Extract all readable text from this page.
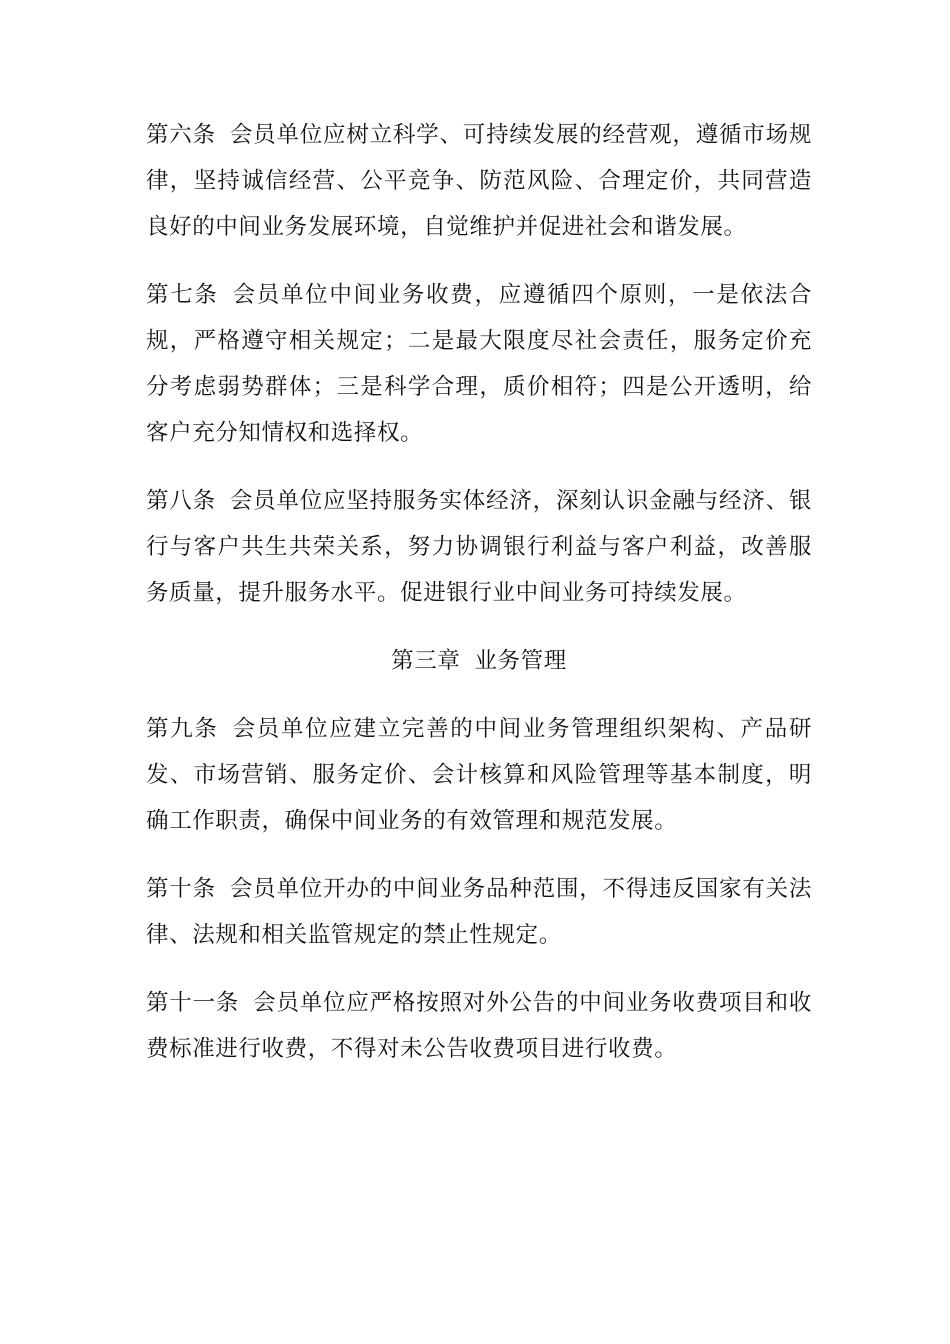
第六条 会员单位应树立科学、可持续发展的经营观，遵循市场规律，坚持诚信经营、公平竞争、防范风险、合理定价，共同营造良好的中间业务发展环境，自觉维护并促进社会和谐发展。

第七条 会员单位中间业务收费，应遵循四个原则，一是依法合规，严格遵守相关规定；二是最大限度尽社会责任，服务定价充分考虑弱势群体；三是科学合理，质价相符；四是公开透明，给客户充分知情权和选择权。

第八条 会员单位应坚持服务实体经济，深刻认识金融与经济、银行与客户共生共荣关系，努力协调银行利益与客户利益，改善服务质量，提升服务水平。促进银行业中间业务可持续发展。

第三章 业务管理

第九条 会员单位应建立完善的中间业务管理组织架构、产品研发、市场营销、服务定价、会计核算和风险管理等基本制度，明确工作职责，确保中间业务的有效管理和规范发展。

第十条 会员单位开办的中间业务品种范围，不得违反国家有关法律、法规和相关监管规定的禁止性规定。

第十一条 会员单位应严格按照对外公告的中间业务收费项目和收费标准进行收费，不得对未公告收费项目进行收费。
